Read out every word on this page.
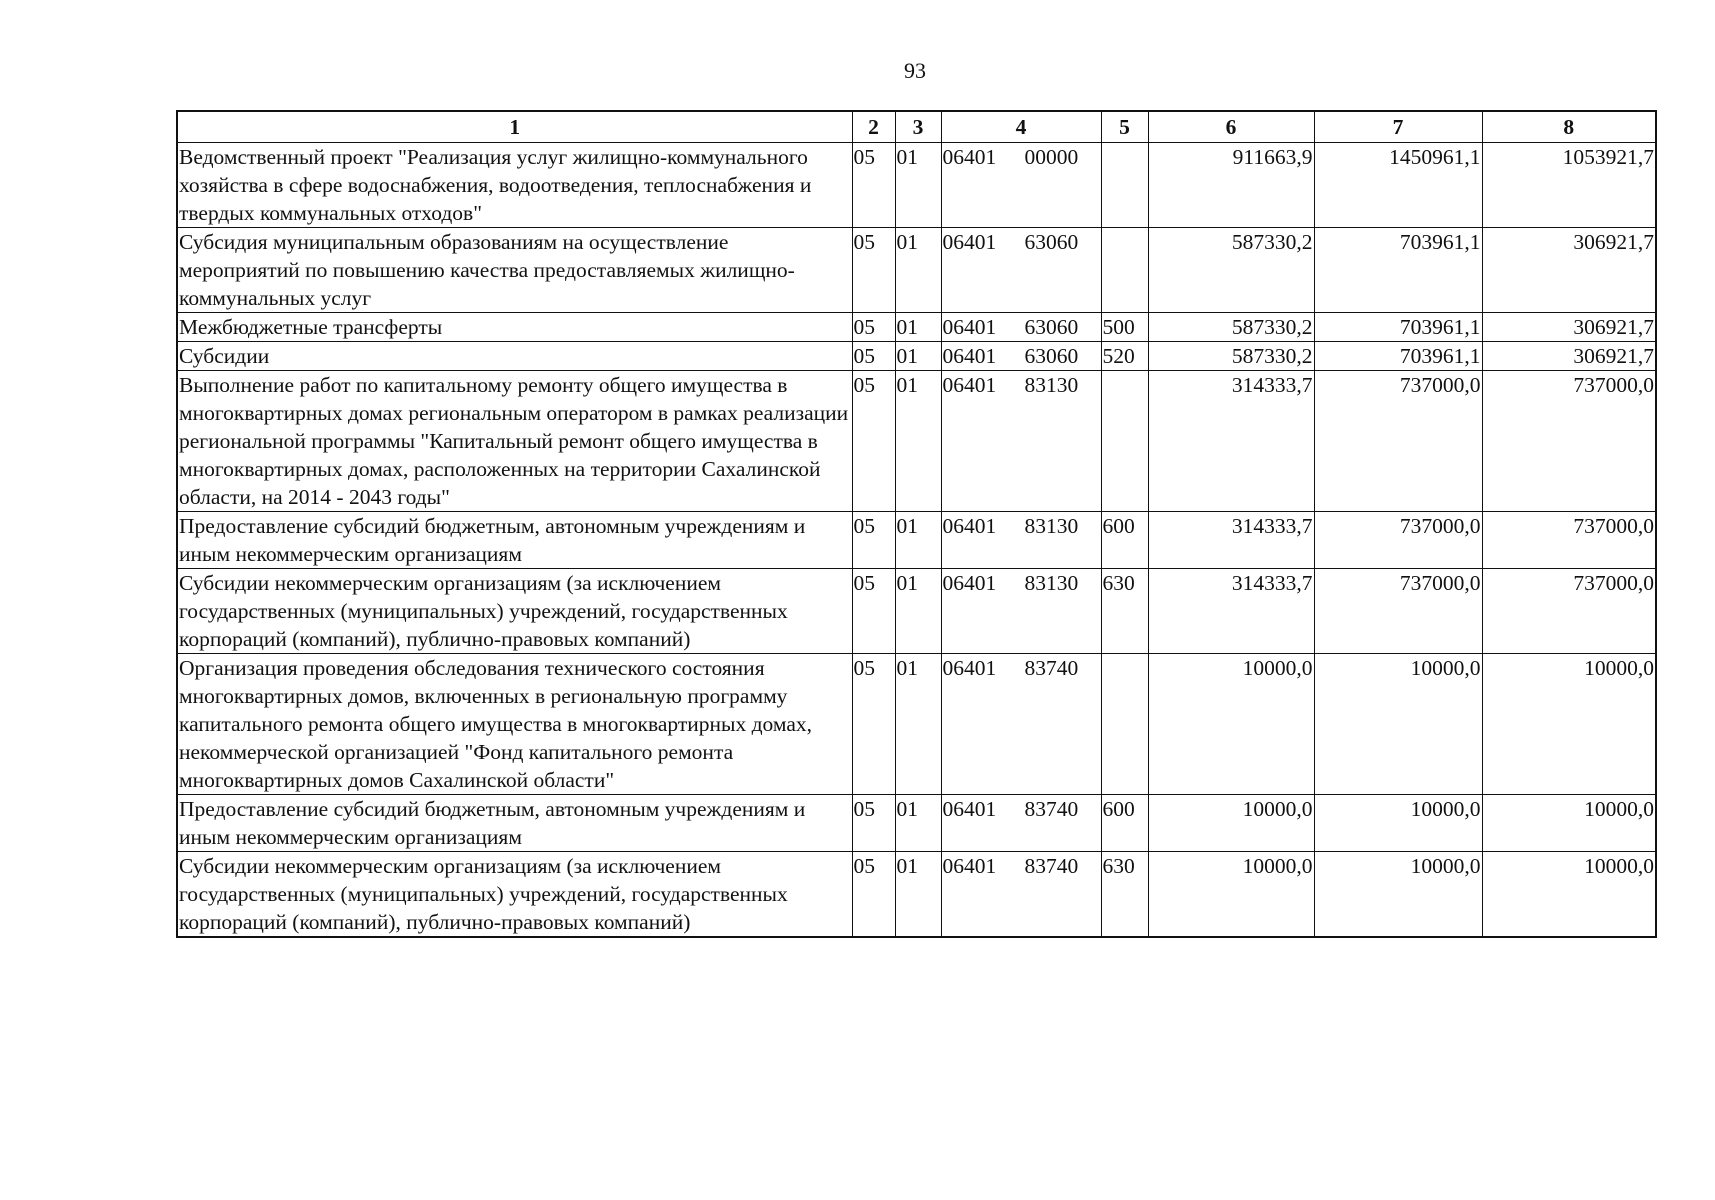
93
1	2	3	4	5	6	7	8
Ведомственный проект "Реализация услуг жилищно-коммунального хозяйства в сфере водоснабжения, водоотведения, теплоснабжения и твердых коммунальных отходов"	05	01	06401 00000		911663,9	1450961,1	1053921,7
Субсидия муниципальным образованиям на осуществление мероприятий по повышению качества предоставляемых жилищно-коммунальных услуг	05	01	06401 63060		587330,2	703961,1	306921,7
Межбюджетные трансферты	05	01	06401 63060	500	587330,2	703961,1	306921,7
Субсидии	05	01	06401 63060	520	587330,2	703961,1	306921,7
Выполнение работ по капитальному ремонту общего имущества в многоквартирных домах региональным оператором в рамках реализации региональной программы "Капитальный ремонт общего имущества в многоквартирных домах, расположенных на территории Сахалинской области, на 2014 - 2043 годы"	05	01	06401 83130		314333,7	737000,0	737000,0
Предоставление субсидий бюджетным, автономным учреждениям и иным некоммерческим организациям	05	01	06401 83130	600	314333,7	737000,0	737000,0
Субсидии некоммерческим организациям (за исключением государственных (муниципальных) учреждений, государственных корпораций (компаний), публично-правовых компаний)	05	01	06401 83130	630	314333,7	737000,0	737000,0
Организация проведения обследования технического состояния многоквартирных домов, включенных в региональную программу капитального ремонта общего имущества в многоквартирных домах, некоммерческой организацией "Фонд капитального ремонта многоквартирных домов Сахалинской области"	05	01	06401 83740		10000,0	10000,0	10000,0
Предоставление субсидий бюджетным, автономным учреждениям и иным некоммерческим организациям	05	01	06401 83740	600	10000,0	10000,0	10000,0
Субсидии некоммерческим организациям (за исключением государственных (муниципальных) учреждений, государственных корпораций (компаний), публично-правовых компаний)	05	01	06401 83740	630	10000,0	10000,0	10000,0
